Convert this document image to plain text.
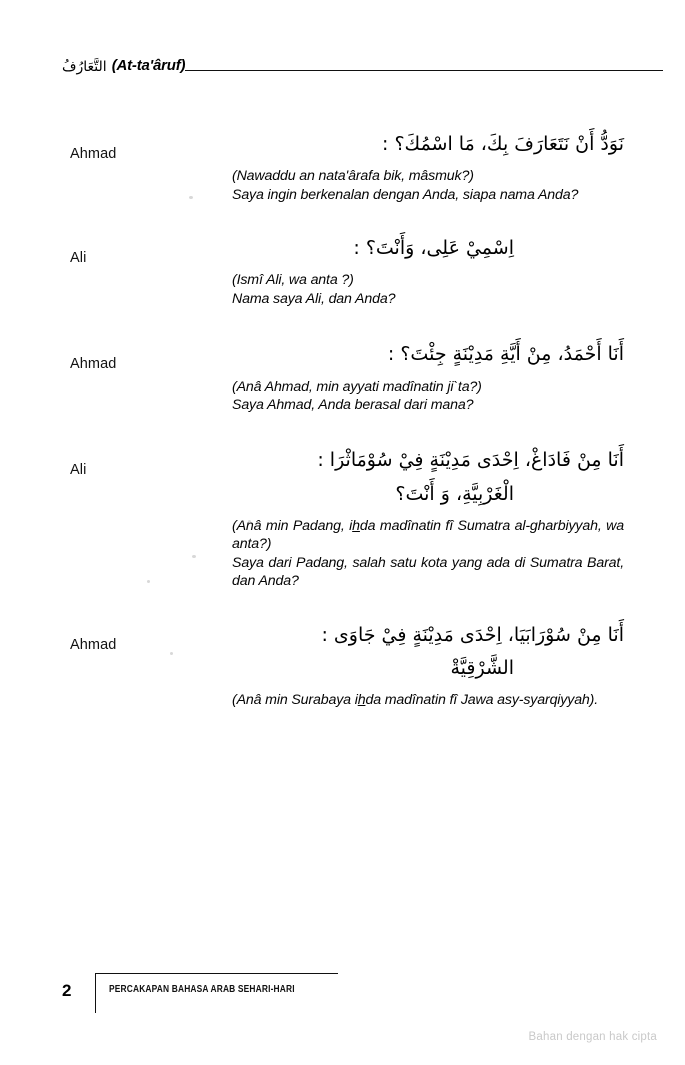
التَّعَارُفُ (At-ta'âruf)
Ahmad	نَوَدُّ أَنْ نَتَعَارَفَ بِكَ، مَا اسْمُكَ؟ :
(Nawaddu an nata'ârafa bik, mâsmuk?)
Saya ingin berkenalan dengan Anda, siapa nama Anda?
Ali	اِسْمِيْ عَلِى، وَأَنْتَ؟ :
(Ismî Ali, wa anta ?)
Nama saya Ali, dan Anda?
Ahmad	أَنَا أَحْمَدُ، مِنْ أَيَّةِ مَدِيْنَةٍ جِئْتَ؟ :
(Anâ Ahmad, min ayyati madînatin ji`ta?)
Saya Ahmad, Anda berasal dari mana?
Ali	أَنَا مِنْ فَادَاغْ، اِحْدَى مَدِيْنَةٍ فِيْ سُوْمَاثْرَا :
الْغَرْبِيَّةِ، وَ أَنْتَ؟
(Anâ min Padang, ihda madînatin fî Sumatra al-gharbiyyah, wa anta?)
Saya dari Padang, salah satu kota yang ada di Sumatra Barat, dan Anda?
Ahmad	أَنَا مِنْ سُوْرَابَيَا، اِحْدَى مَدِيْنَةٍ فِيْ جَاوَى :
الشَّرْقِيَّةْ
(Anâ min Surabaya ihda madînatin fî Jawa asy-syarqiyyah).
2	PERCAKAPAN BAHASA ARAB SEHARI-HARI
Bahan dengan hak cipta
